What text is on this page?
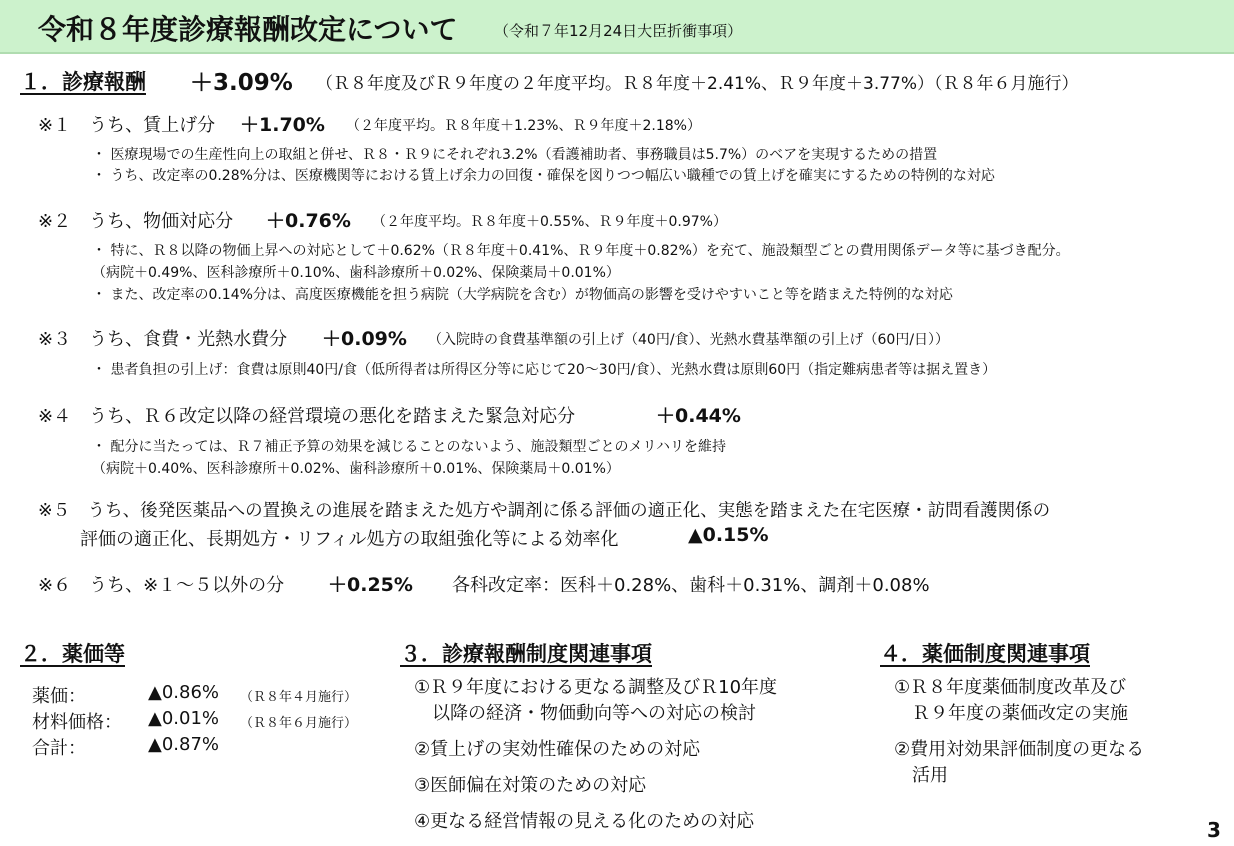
令和８年度診療報酬改定について （令和７年12月24日大臣折衝事項）
１．診療報酬 ＋3.09% （Ｒ８年度及びＲ９年度の２年度平均。Ｒ８年度＋2.41%、Ｒ９年度＋3.77%）（Ｒ８年６月施行）
※１　うち、賃上げ分 ＋1.70% （２年度平均。Ｒ８年度＋1.23%、Ｒ９年度＋2.18%）
・ 医療現場での生産性向上の取組と併せ、Ｒ８・Ｒ９にそれぞれ3.2%（看護補助者、事務職員は5.7%）のベアを実現するための措置
・ うち、改定率の0.28%分は、医療機関等における賃上げ余力の回復・確保を図りつつ幅広い職種での賃上げを確実にするための特例的な対応
※２　うち、物価対応分 ＋0.76% （２年度平均。Ｒ８年度＋0.55%、Ｒ９年度＋0.97%）
・ 特に、Ｒ８以降の物価上昇への対応として＋0.62%（Ｒ８年度＋0.41%、Ｒ９年度＋0.82%）を充て、施設類型ごとの費用関係データ等に基づき配分。
（病院＋0.49%、医科診療所＋0.10%、歯科診療所＋0.02%、保険薬局＋0.01%）
・ また、改定率の0.14%分は、高度医療機能を担う病院（大学病院を含む）が物価高の影響を受けやすいこと等を踏まえた特例的な対応
※３　うち、食費・光熱水費分 ＋0.09% （入院時の食費基準額の引上げ（40円/食）、光熱水費基準額の引上げ（60円/日））
・ 患者負担の引上げ：食費は原則40円/食（低所得者は所得区分等に応じて20～30円/食）、光熱水費は原則60円（指定難病患者等は据え置き）
※４　うち、Ｒ６改定以降の経営環境の悪化を踏まえた緊急対応分	＋0.44%
・ 配分に当たっては、Ｒ７補正予算の効果を減じることのないよう、施設類型ごとのメリハリを維持
（病院＋0.40%、医科診療所＋0.02%、歯科診療所＋0.01%、保険薬局＋0.01%）
※５　うち、後発医薬品への置換えの進展を踏まえた処方や調剤に係る評価の適正化、実態を踏まえた在宅医療・訪問看護関係の
評価の適正化、長期処方・リフィル処方の取組強化等による効率化	▲0.15%
※６　うち、※１～５以外の分 ＋0.25% 各科改定率：医科＋0.28%、歯科＋0.31%、調剤＋0.08%
２．薬価等
薬価：	▲0.86% （Ｒ８年４月施行）
材料価格： ▲0.01% （Ｒ８年６月施行）
合計：	▲0.87%
３．診療報酬制度関連事項
①Ｒ９年度における更なる調整及びＲ10年度
　以降の経済・物価動向等への対応の検討
②賃上げの実効性確保のための対応
③医師偏在対策のための対応
④更なる経営情報の見える化のための対応
４．薬価制度関連事項
①Ｒ８年度薬価制度改革及び
　Ｒ９年度の薬価改定の実施
②費用対効果評価制度の更なる
　活用
3
